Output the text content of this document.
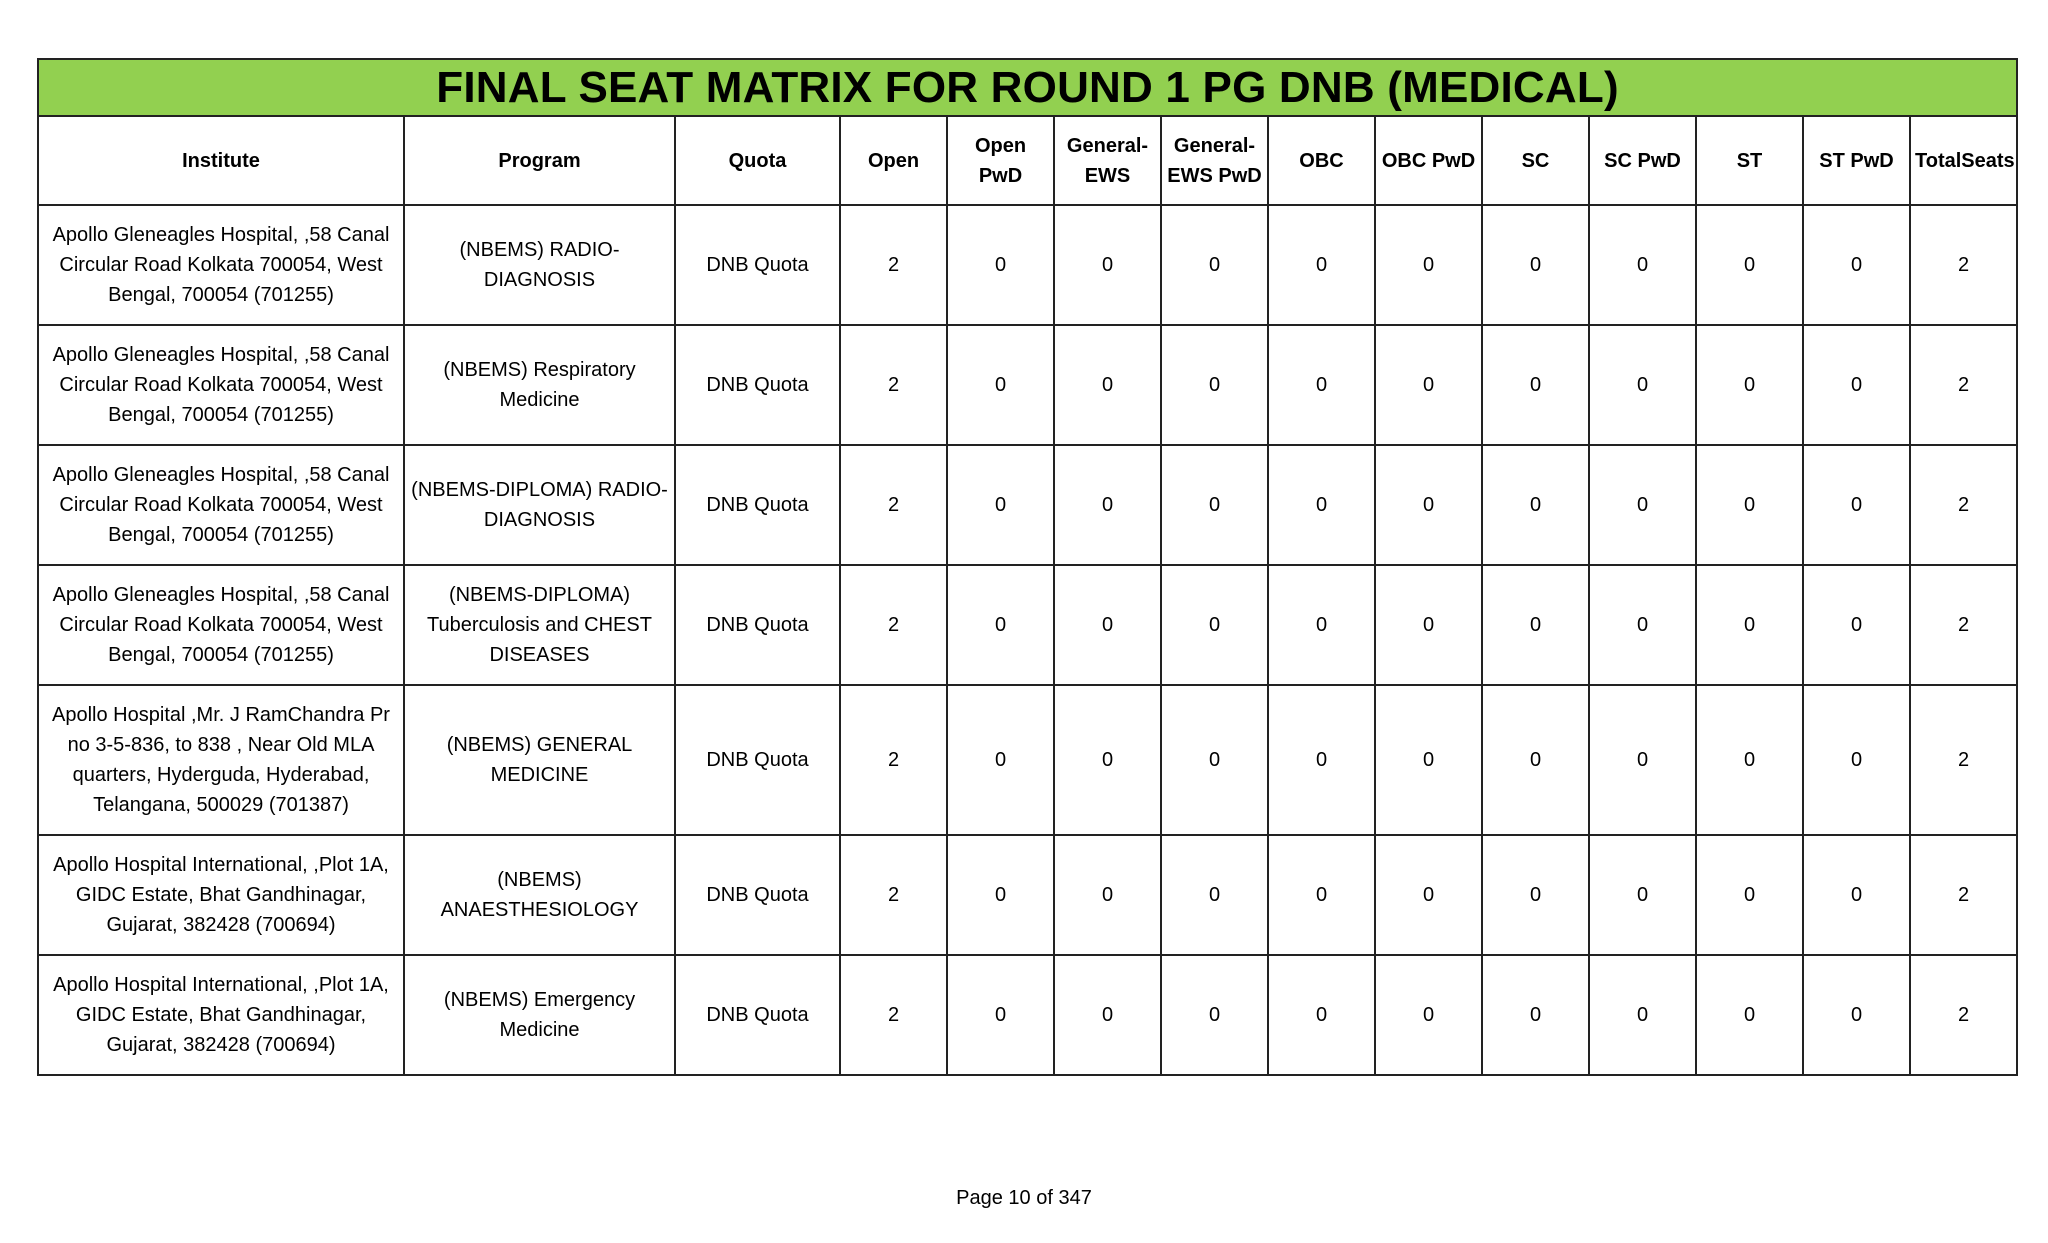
FINAL SEAT MATRIX FOR ROUND 1 PG DNB (MEDICAL)													
Institute	Program	Quota	Open	Open PwD	General-EWS	General-EWS PwD	OBC	OBC PwD	SC	SC PwD	ST	ST PwD	TotalSeats
Apollo Gleneagles Hospital, ,58 Canal Circular Road Kolkata 700054, West Bengal, 700054 (701255)	(NBEMS) RADIO-DIAGNOSIS	DNB Quota	2	0	0	0	0	0	0	0	0	0	2
Apollo Gleneagles Hospital, ,58 Canal Circular Road Kolkata 700054, West Bengal, 700054 (701255)	(NBEMS) Respiratory Medicine	DNB Quota	2	0	0	0	0	0	0	0	0	0	2
Apollo Gleneagles Hospital, ,58 Canal Circular Road Kolkata 700054, West Bengal, 700054 (701255)	(NBEMS-DIPLOMA) RADIO-DIAGNOSIS	DNB Quota	2	0	0	0	0	0	0	0	0	0	2
Apollo Gleneagles Hospital, ,58 Canal Circular Road Kolkata 700054, West Bengal, 700054 (701255)	(NBEMS-DIPLOMA) Tuberculosis and CHEST DISEASES	DNB Quota	2	0	0	0	0	0	0	0	0	0	2
Apollo Hospital ,Mr. J RamChandra Pr no 3-5-836, to 838 , Near Old MLA quarters, Hyderguda, Hyderabad, Telangana, 500029 (701387)	(NBEMS) GENERAL MEDICINE	DNB Quota	2	0	0	0	0	0	0	0	0	0	2
Apollo Hospital International, ,Plot 1A, GIDC Estate, Bhat Gandhinagar, Gujarat, 382428 (700694)	(NBEMS) ANAESTHESIOLOGY	DNB Quota	2	0	0	0	0	0	0	0	0	0	2
Apollo Hospital International, ,Plot 1A, GIDC Estate, Bhat Gandhinagar, Gujarat, 382428 (700694)	(NBEMS) Emergency Medicine	DNB Quota	2	0	0	0	0	0	0	0	0	0	2
Page 10 of 347
